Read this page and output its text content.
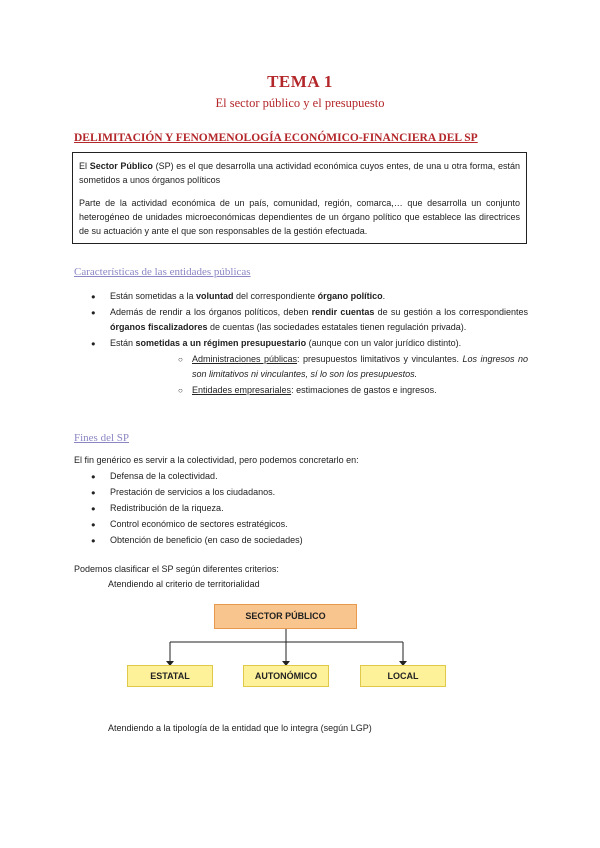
TEMA 1
El sector público y el presupuesto
DELIMITACIÓN Y FENOMENOLOGÍA ECONÓMICO-FINANCIERA DEL SP

El Sector Público (SP) es el que desarrolla una actividad económica cuyos entes, de una u otra forma, están sometidos a unos órganos políticos

Parte de la actividad económica de un país, comunidad, región, comarca,… que desarrolla un conjunto heterogéneo de unidades microeconómicas dependientes de un órgano político que establece las directrices de su actuación y ante el que son responsables de la gestión efectuada.

Características de las entidades públicas
● Están sometidas a la voluntad del correspondiente órgano político.
● Además de rendir a los órganos políticos, deben rendir cuentas de su gestión a los correspondientes órganos fiscalizadores de cuentas (las sociedades estatales tienen regulación privada).
● Están sometidas a un régimen presupuestario (aunque con un valor jurídico distinto).
○ Administraciones públicas: presupuestos limitativos y vinculantes. Los ingresos no son limitativos ni vinculantes, sí lo son los presupuestos.
○ Entidades empresariales: estimaciones de gastos e ingresos.
Fines del SP
El fin genérico es servir a la colectividad, pero podemos concretarlo en:
● Defensa de la colectividad.
● Prestación de servicios a los ciudadanos.
● Redistribución de la riqueza.
● Control económico de sectores estratégicos.
● Obtención de beneficio (en caso de sociedades)
Podemos clasificar el SP según diferentes criterios:
Atendiendo al criterio de territorialidad
SECTOR PÚBLICO
ESTATAL	AUTONÓMICO	LOCAL
Atendiendo a la tipología de la entidad que lo integra (según LGP)
